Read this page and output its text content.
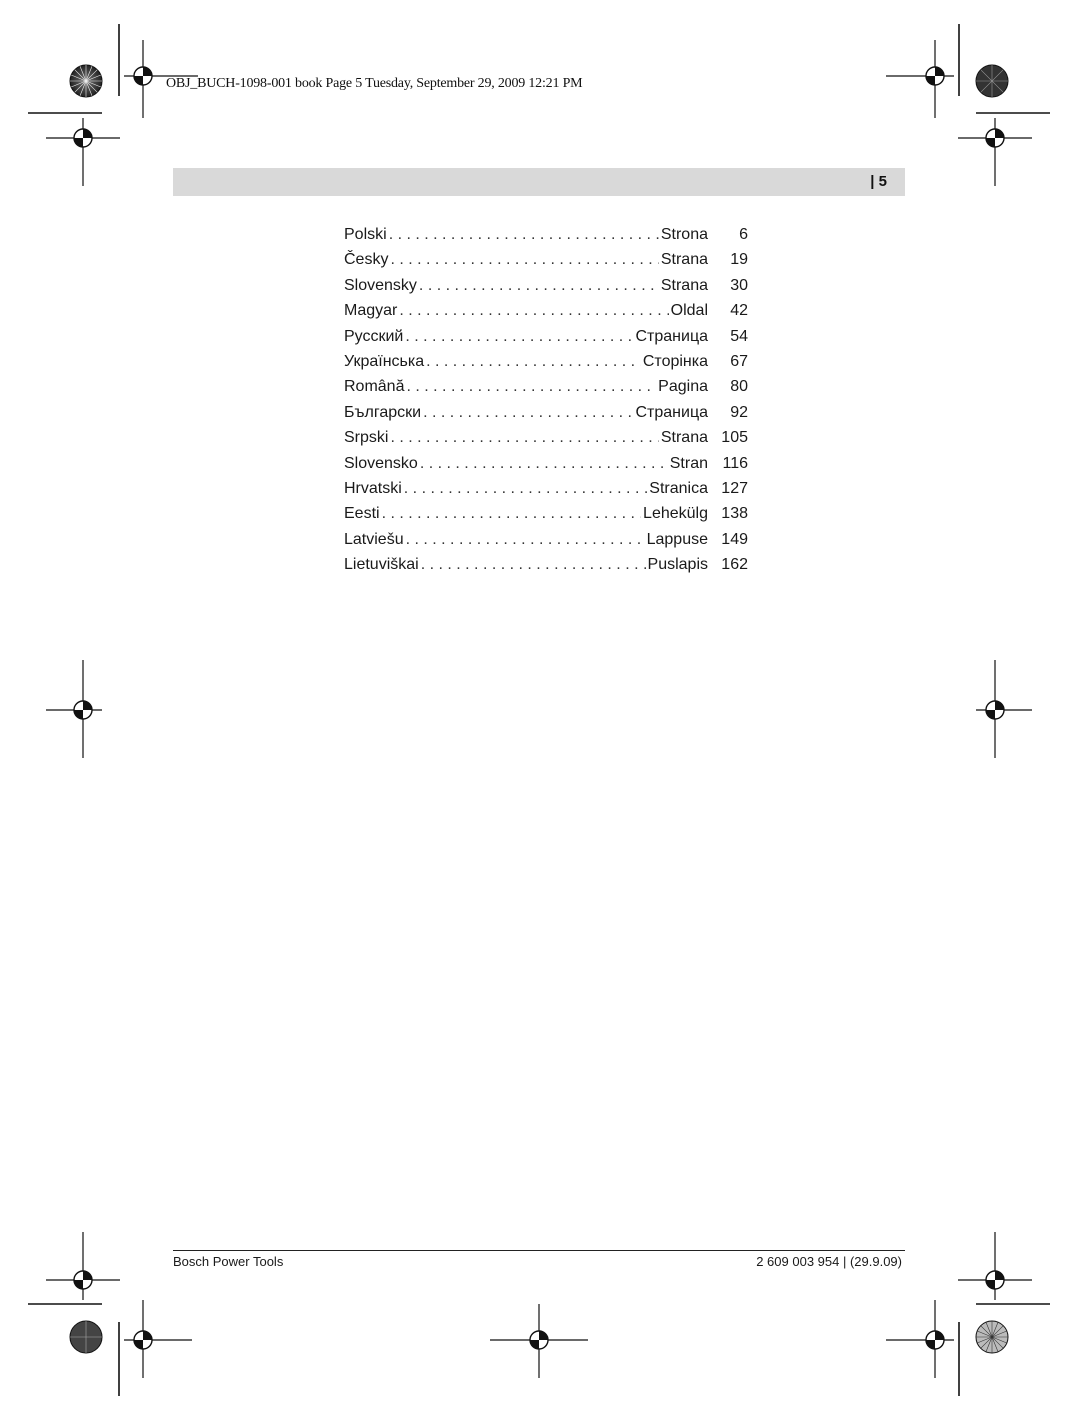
OBJ_BUCH-1098-001 book Page 5 Tuesday, September 29, 2009 12:21 PM
| 5
Polski . . .	Strona	6
Česky . . .	Strana	19
Slovensky . . .	Strana	30
Magyar . . .	Oldal	42
Русский . . .	Страница	54
Українська . . .	Сторінка	67
Română . . .	Pagina	80
Български . . .	Страница	92
Srpski . . .	Strana 105
Slovensko . . .	Stran 116
Hrvatski . . .	Stranica 127
Eesti . . .	Lehekülg 138
Latviešu . . .	Lappuse 149
Lietuviškai . . .	Puslapis 162
Bosch Power Tools	2 609 003 954 | (29.9.09)
